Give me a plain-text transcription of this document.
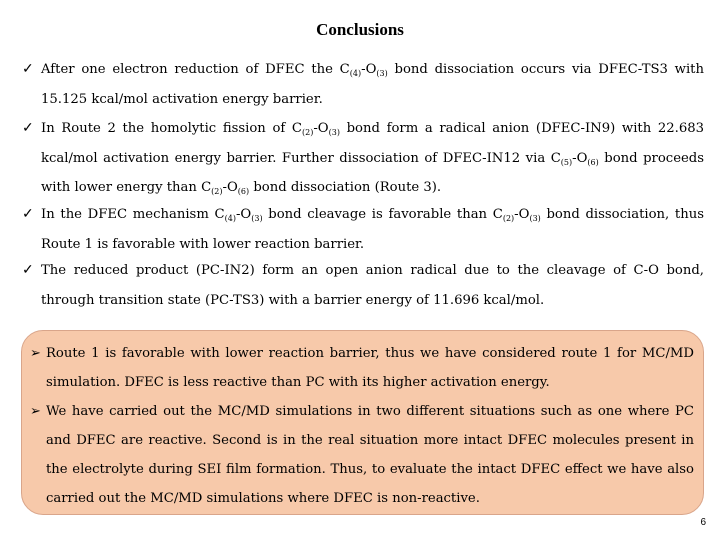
Conclusions
✓ After one electron reduction of DFEC the $C_{(4)}-O_{(3)}$ bond dissociation occurs via DFEC-TS3 with 15.125 kcal/mol activation energy barrier.
✓ In Route 2 the homolytic fission of $C_{(2)}-O_{(3)}$ bond form a radical anion (DFEC-IN9) with 22.683 kcal/mol activation energy barrier. Further dissociation of DFEC-IN12 via $C_{(5)}-O_{(6)}$ bond proceeds with lower energy than $C_{(2)}-O_{(6)}$ bond dissociation (Route 3).
✓ In the DFEC mechanism $C_{(4)}-O_{(3)}$ bond cleavage is favorable than $C_{(2)}-O_{(3)}$ bond dissociation, thus Route 1 is favorable with lower reaction barrier.
✓ The reduced product (PC-IN2) form an open anion radical due to the cleavage of C-O bond, through transition state (PC-TS3) with a barrier energy of 11.696 kcal/mol.
➢ Route 1 is favorable with lower reaction barrier, thus we have considered route 1 for MC/MD simulation. DFEC is less reactive than PC with its higher activation energy.
➢ We have carried out the MC/MD simulations in two different situations such as one where PC and DFEC are reactive. Second is in the real situation more intact DFEC molecules present in the electrolyte during SEI film formation. Thus, to evaluate the intact DFEC effect we have also carried out the MC/MD simulations where DFEC is non-reactive.
6
